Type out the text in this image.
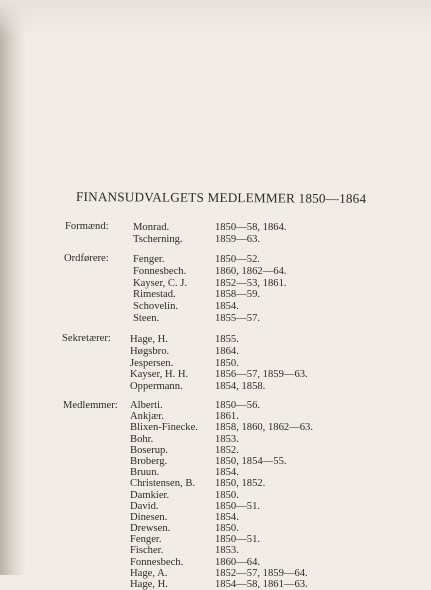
FINANSUDVALGETS MEDLEMMER 1850—1864
Formænd: Monrad.	1850—58, 1864.
Tscherning.	1859—63.
Ordførere: Fenger.	1850—52.
Fonnesbech.	1860, 1862—64.
Kayser, C. J.	1852—53, 1861.
Rimestad.	1858—59.
Schovelin.	1854.
Steen.	1855—57.
Sekretærer: Hage, H.	1855.
Høgsbro.	1864.
Jespersen.	1850.
Kayser, H. H.	1856—57, 1859—63.
Oppermann.	1854, 1858.
Medlemmer: Alberti.	1850—56.
Ankjær.	1861.
Blixen-Finecke. 1858, 1860, 1862—63.
Bohr.	1853.
Boserup.	1852.
Broberg.	1850, 1854—55.
Bruun.	1854.
Christensen, B. 1850, 1852.
Damkier.	1850.
David.	1850—51.
Dinesen.	1854.
Drewsen.	1850.
Fenger.	1850—51.
Fischer.	1853.
Fonnesbech.	1860—64.
Hage, A.	1852—57, 1859—64.
Hage, H.	1854—58, 1861—63.
